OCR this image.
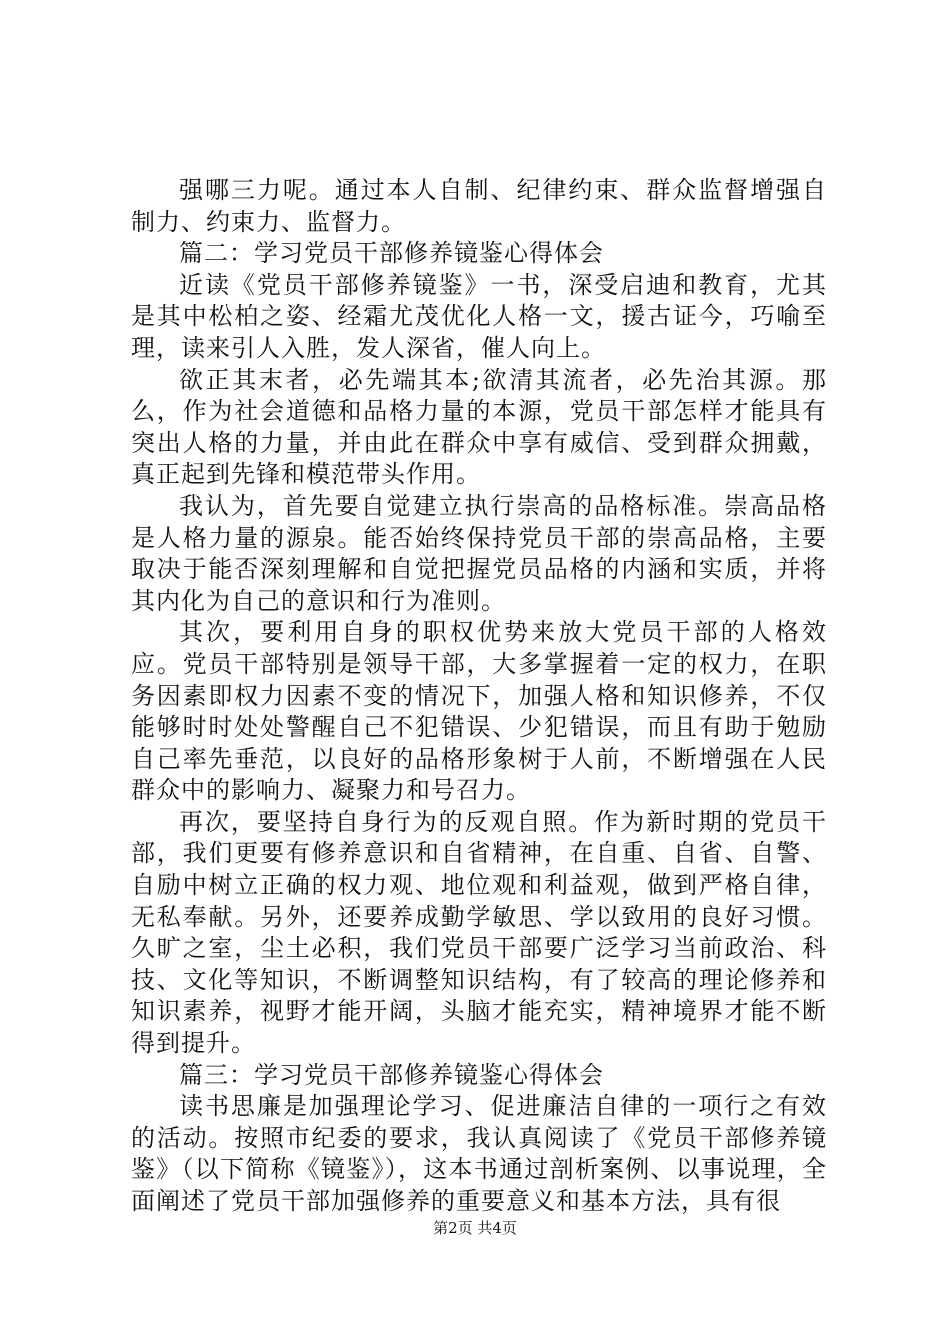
强哪三力呢。通过本人自制、纪律约束、群众监督增强自制力、约束力、监督力。

篇二：学习党员干部修养镜鉴心得体会

近读《党员干部修养镜鉴》一书，深受启迪和教育，尤其是其中松柏之姿、经霜尤茂优化人格一文，援古证今，巧喻至理，读来引人入胜，发人深省，催人向上。

欲正其末者，必先端其本;欲清其流者，必先治其源。那么，作为社会道德和品格力量的本源，党员干部怎样才能具有突出人格的力量，并由此在群众中享有威信、受到群众拥戴，真正起到先锋和模范带头作用。

我认为，首先要自觉建立执行崇高的品格标准。崇高品格是人格力量的源泉。能否始终保持党员干部的崇高品格，主要取决于能否深刻理解和自觉把握党员品格的内涵和实质，并将其内化为自己的意识和行为准则。

其次，要利用自身的职权优势来放大党员干部的人格效应。党员干部特别是领导干部，大多掌握着一定的权力，在职务因素即权力因素不变的情况下，加强人格和知识修养，不仅能够时时处处警醒自己不犯错误、少犯错误，而且有助于勉励自己率先垂范，以良好的品格形象树于人前，不断增强在人民群众中的影响力、凝聚力和号召力。

再次，要坚持自身行为的反观自照。作为新时期的党员干部，我们更要有修养意识和自省精神，在自重、自省、自警、自励中树立正确的权力观、地位观和利益观，做到严格自律，无私奉献。另外，还要养成勤学敏思、学以致用的良好习惯。久旷之室，尘土必积，我们党员干部要广泛学习当前政治、科技、文化等知识，不断调整知识结构，有了较高的理论修养和知识素养，视野才能开阔，头脑才能充实，精神境界才能不断得到提升。

篇三：学习党员干部修养镜鉴心得体会

读书思廉是加强理论学习、促进廉洁自律的一项行之有效的活动。按照市纪委的要求，我认真阅读了《党员干部修养镜鉴》（以下简称《镜鉴》），这本书通过剖析案例、以事说理，全面阐述了党员干部加强修养的重要意义和基本方法，具有很

第2页 共4页
